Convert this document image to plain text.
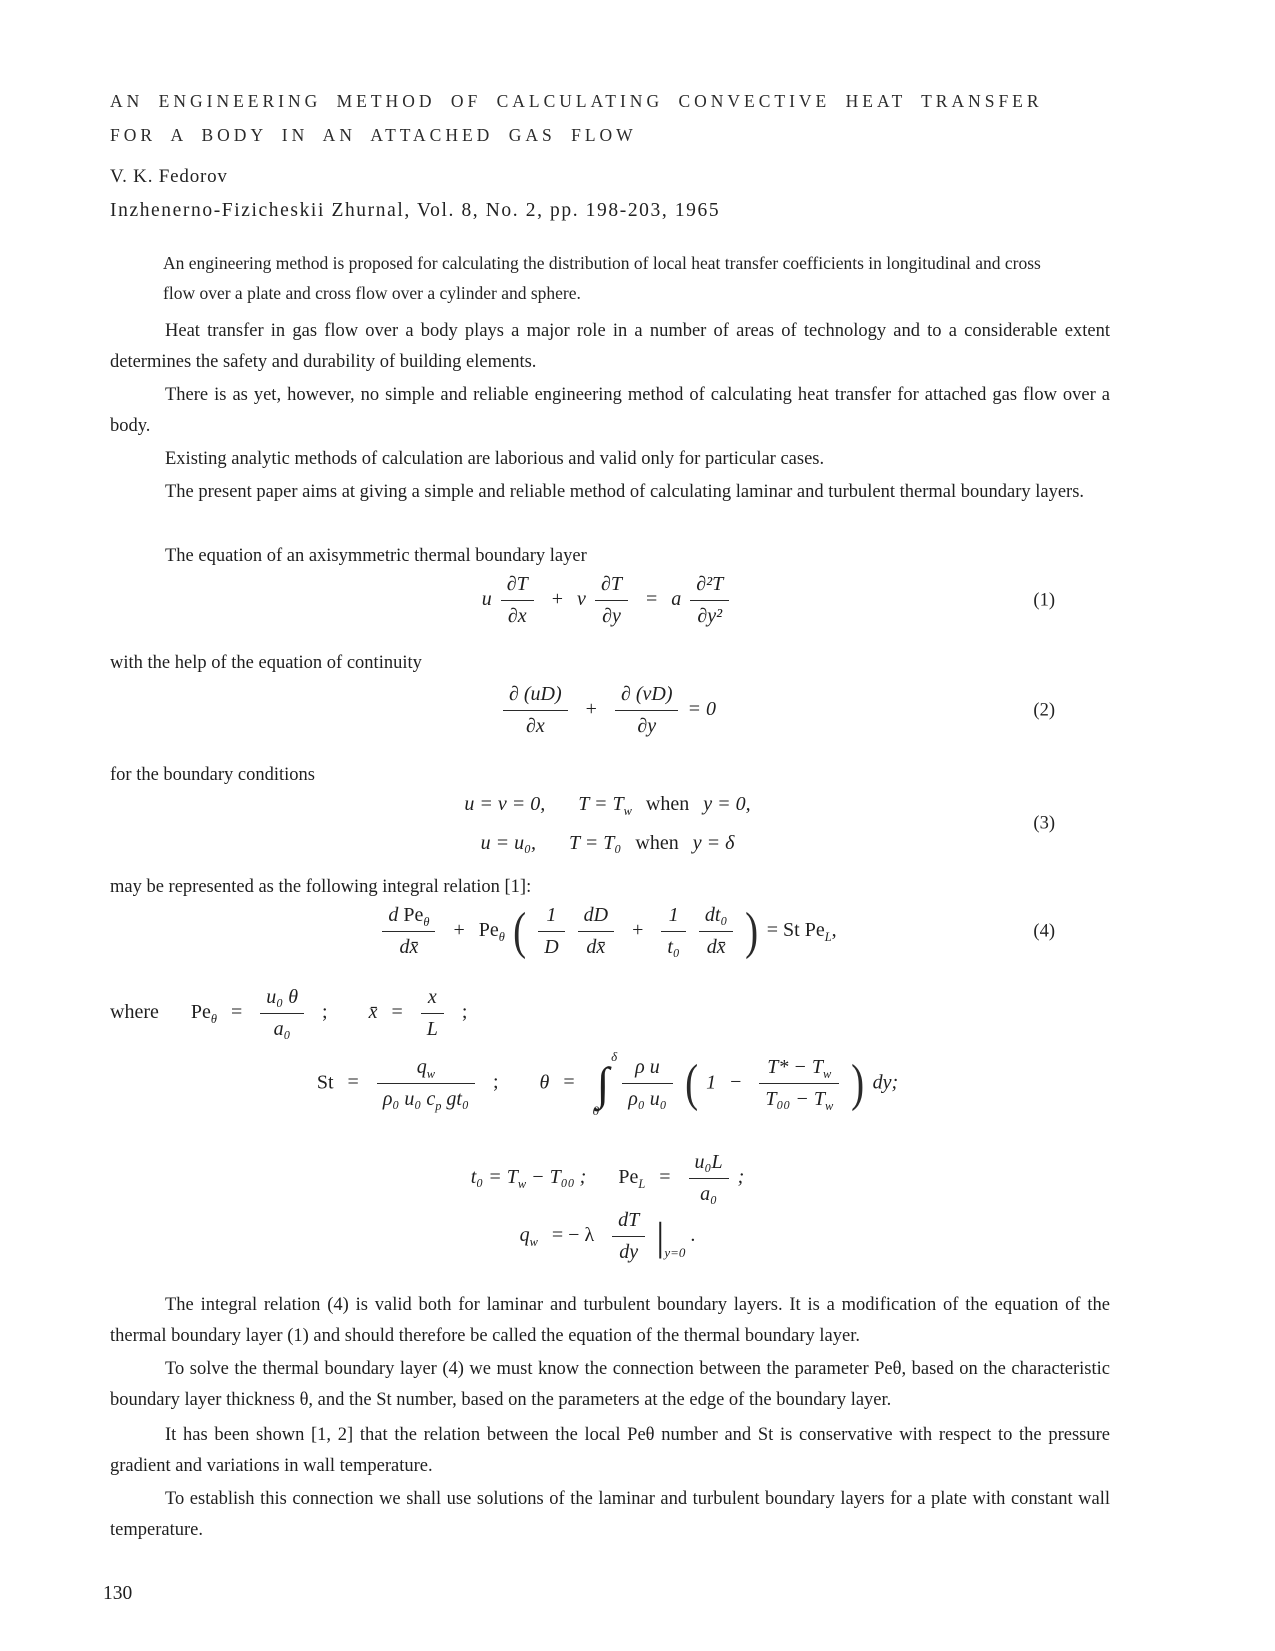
AN ENGINEERING METHOD OF CALCULATING CONVECTIVE HEAT TRANSFER
FOR A BODY IN AN ATTACHED GAS FLOW
V. K. Fedorov
Inzhenerno-Fizicheskii Zhurnal, Vol. 8, No. 2, pp. 198-203, 1965
An engineering method is proposed for calculating the distribution of local heat transfer coefficients in longitudinal and cross flow over a plate and cross flow over a cylinder and sphere.

Heat transfer in gas flow over a body plays a major role in a number of areas of technology and to a considerable extent determines the safety and durability of building elements.

There is as yet, however, no simple and reliable engineering method of calculating heat transfer for attached gas flow over a body.

Existing analytic methods of calculation are laborious and valid only for particular cases.

The present paper aims at giving a simple and reliable method of calculating laminar and turbulent thermal boundary layers.

The equation of an axisymmetric thermal boundary layer

u $\frac{\partial T}{\partial x} + v \frac{\partial T}{\partial y} = a \frac{\text{∂²T}}{\text{∂y²}}$	(1)

with the help of the equation of continuity

$\frac{\partial (uD)}{\partial x} + \frac{\partial (vD)}{\partial y} = 0$	(2)

for the boundary conditions

u = v = 0, $T = T_w$ when y = 0,
u = u₀, T = T₀ when y = δ
(3)

may be represented as the following integral relation [1]:

$\frac{d Pe_\theta}{dx̄} + Pe_\theta$ ( $\frac{1}{D}$
$\frac{dD}{dx̄} + \frac{1}{\text{t₀}}$
$\frac{\text{dt₀}}{dx̄}$ ) = St $Pe_L$,	(4)
where $Pe_\theta = \frac{\text{u₀ θ}}{\text{a₀}}$ ; x̄ = $\frac{x}{L}$ ;
$St = \frac{q_w}{\rho_0 u_0 c_p gt_0}$ ; θ =
δ
∫
0
$\frac{\text{ρ u}}{\text{ρ₀ u₀}}$ ( $1 - \frac{T* - T_w}{T_{00} - T_w}$ ) dy;
$t_0 = T_w - T_{00}$ ; $Pe_L = \frac{\text{u₀L}}{\text{a₀}}$ ;
$q_w$ = − λ $\frac{dT}{dy} |_{y=0}$ .

The integral relation (4) is valid both for laminar and turbulent boundary layers. It is a modification of the equation of the thermal boundary layer (1) and should therefore be called the equation of the thermal boundary layer.

To solve the thermal boundary layer (4) we must know the connection between the parameter Peθ, based on the characteristic boundary layer thickness θ, and the St number, based on the parameters at the edge of the boundary layer.

It has been shown [1, 2] that the relation between the local Peθ number and St is conservative with respect to the pressure gradient and variations in wall temperature.

To establish this connection we shall use solutions of the laminar and turbulent boundary layers for a plate with constant wall temperature.

130
